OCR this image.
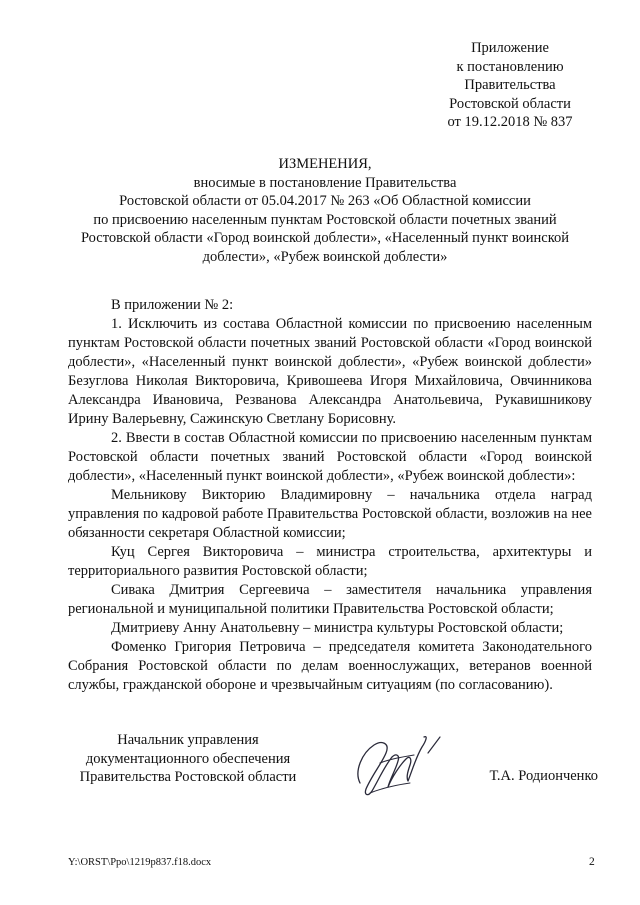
Приложение
к постановлению
Правительства
Ростовской области
от 19.12.2018 № 837
ИЗМЕНЕНИЯ,
вносимые в постановление Правительства
Ростовской области от 05.04.2017 № 263 «Об Областной комиссии
по присвоению населенным пунктам Ростовской области почетных званий
Ростовской области «Город воинской доблести», «Населенный пункт воинской
доблести», «Рубеж воинской доблести»

В приложении № 2:

1. Исключить из состава Областной комиссии по присвоению населенным пунктам Ростовской области почетных званий Ростовской области «Город воинской доблести», «Населенный пункт воинской доблести», «Рубеж воинской доблести» Безуглова Николая Викторовича, Кривошеева Игоря Михайловича, Овчинникова Александра Ивановича, Резванова Александра Анатольевича, Рукавишникову Ирину Валерьевну, Сажинскую Светлану Борисовну.

2. Ввести в состав Областной комиссии по присвоению населенным пунктам Ростовской области почетных званий Ростовской области «Город воинской доблести», «Населенный пункт воинской доблести», «Рубеж воинской доблести»:

Мельникову Викторию Владимировну – начальника отдела наград управления по кадровой работе Правительства Ростовской области, возложив на нее обязанности секретаря Областной комиссии;

Куц Сергея Викторовича – министра строительства, архитектуры и территориального развития Ростовской области;

Сивака Дмитрия Сергеевича – заместителя начальника управления региональной и муниципальной политики Правительства Ростовской области;

Дмитриеву Анну Анатольевну – министра культуры Ростовской области;

Фоменко Григория Петровича – председателя комитета Законодательного Собрания Ростовской области по делам военнослужащих, ветеранов военной службы, гражданской обороне и чрезвычайным ситуациям (по согласованию).

Начальник управления
документационного обеспечения
Правительства Ростовской области	Т.А. Родионченко
Y:\ORST\Ppo\1219p837.f18.docx	2
